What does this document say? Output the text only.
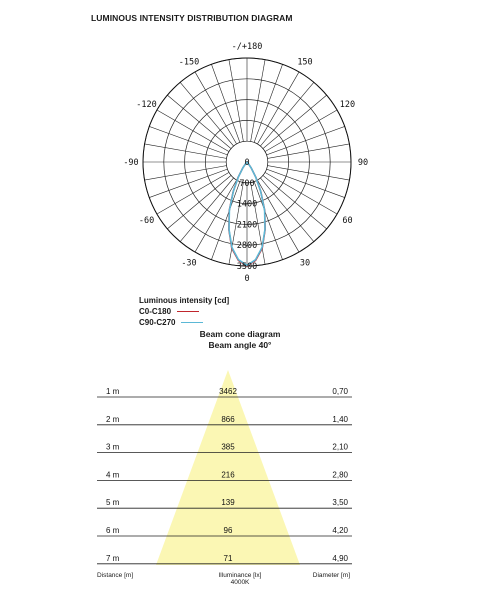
LUMINOUS INTENSITY DISTRIBUTION DIAGRAM
-/+180
-150	150
-120	120
-90	90
-60	60
-30	30
0
0
700
1400
2100
2800
3500
Luminous intensity [cd]
C0-C180
C90-C270
Beam cone diagram
Beam angle 40°
1 m	3462	0,70
2 m	866	1,40
3 m	385	2,10
4 m	216	2,80
5 m	139	3,50
6 m	96	4,20
7 m	71	4,90
Distance [m]	Illuminance [lx]
4000K
Diameter [m]
